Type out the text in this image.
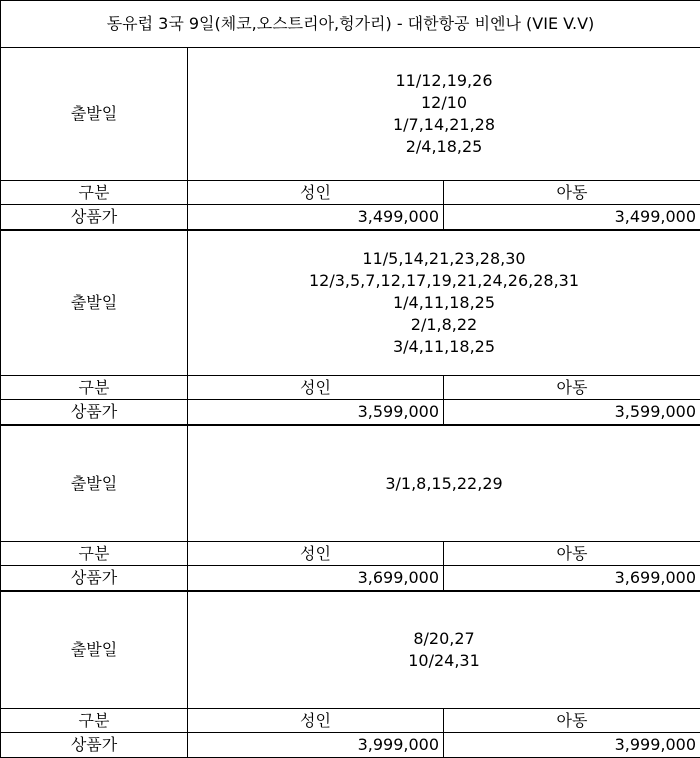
동유럽 3국 9일(체코,오스트리아,헝가리) - 대한항공 비엔나 (VIE V.V)		
출발일	11/12,19,26
12/10
1/7,14,21,28
2/4,18,25	

구분	성인	아동
상품가	3,499,000	3,499,000
출발일	11/5,14,21,23,28,30
12/3,5,7,12,17,19,21,24,26,28,31
1/4,11,18,25
2/1,8,22
3/4,11,18,25	

구분	성인	아동
상품가	3,599,000	3,599,000
출발일	3/1,8,15,22,29	

구분	성인	아동
상품가	3,699,000	3,699,000
출발일	8/20,27
10/24,31	

구분	성인	아동
상품가	3,999,000	3,999,000
